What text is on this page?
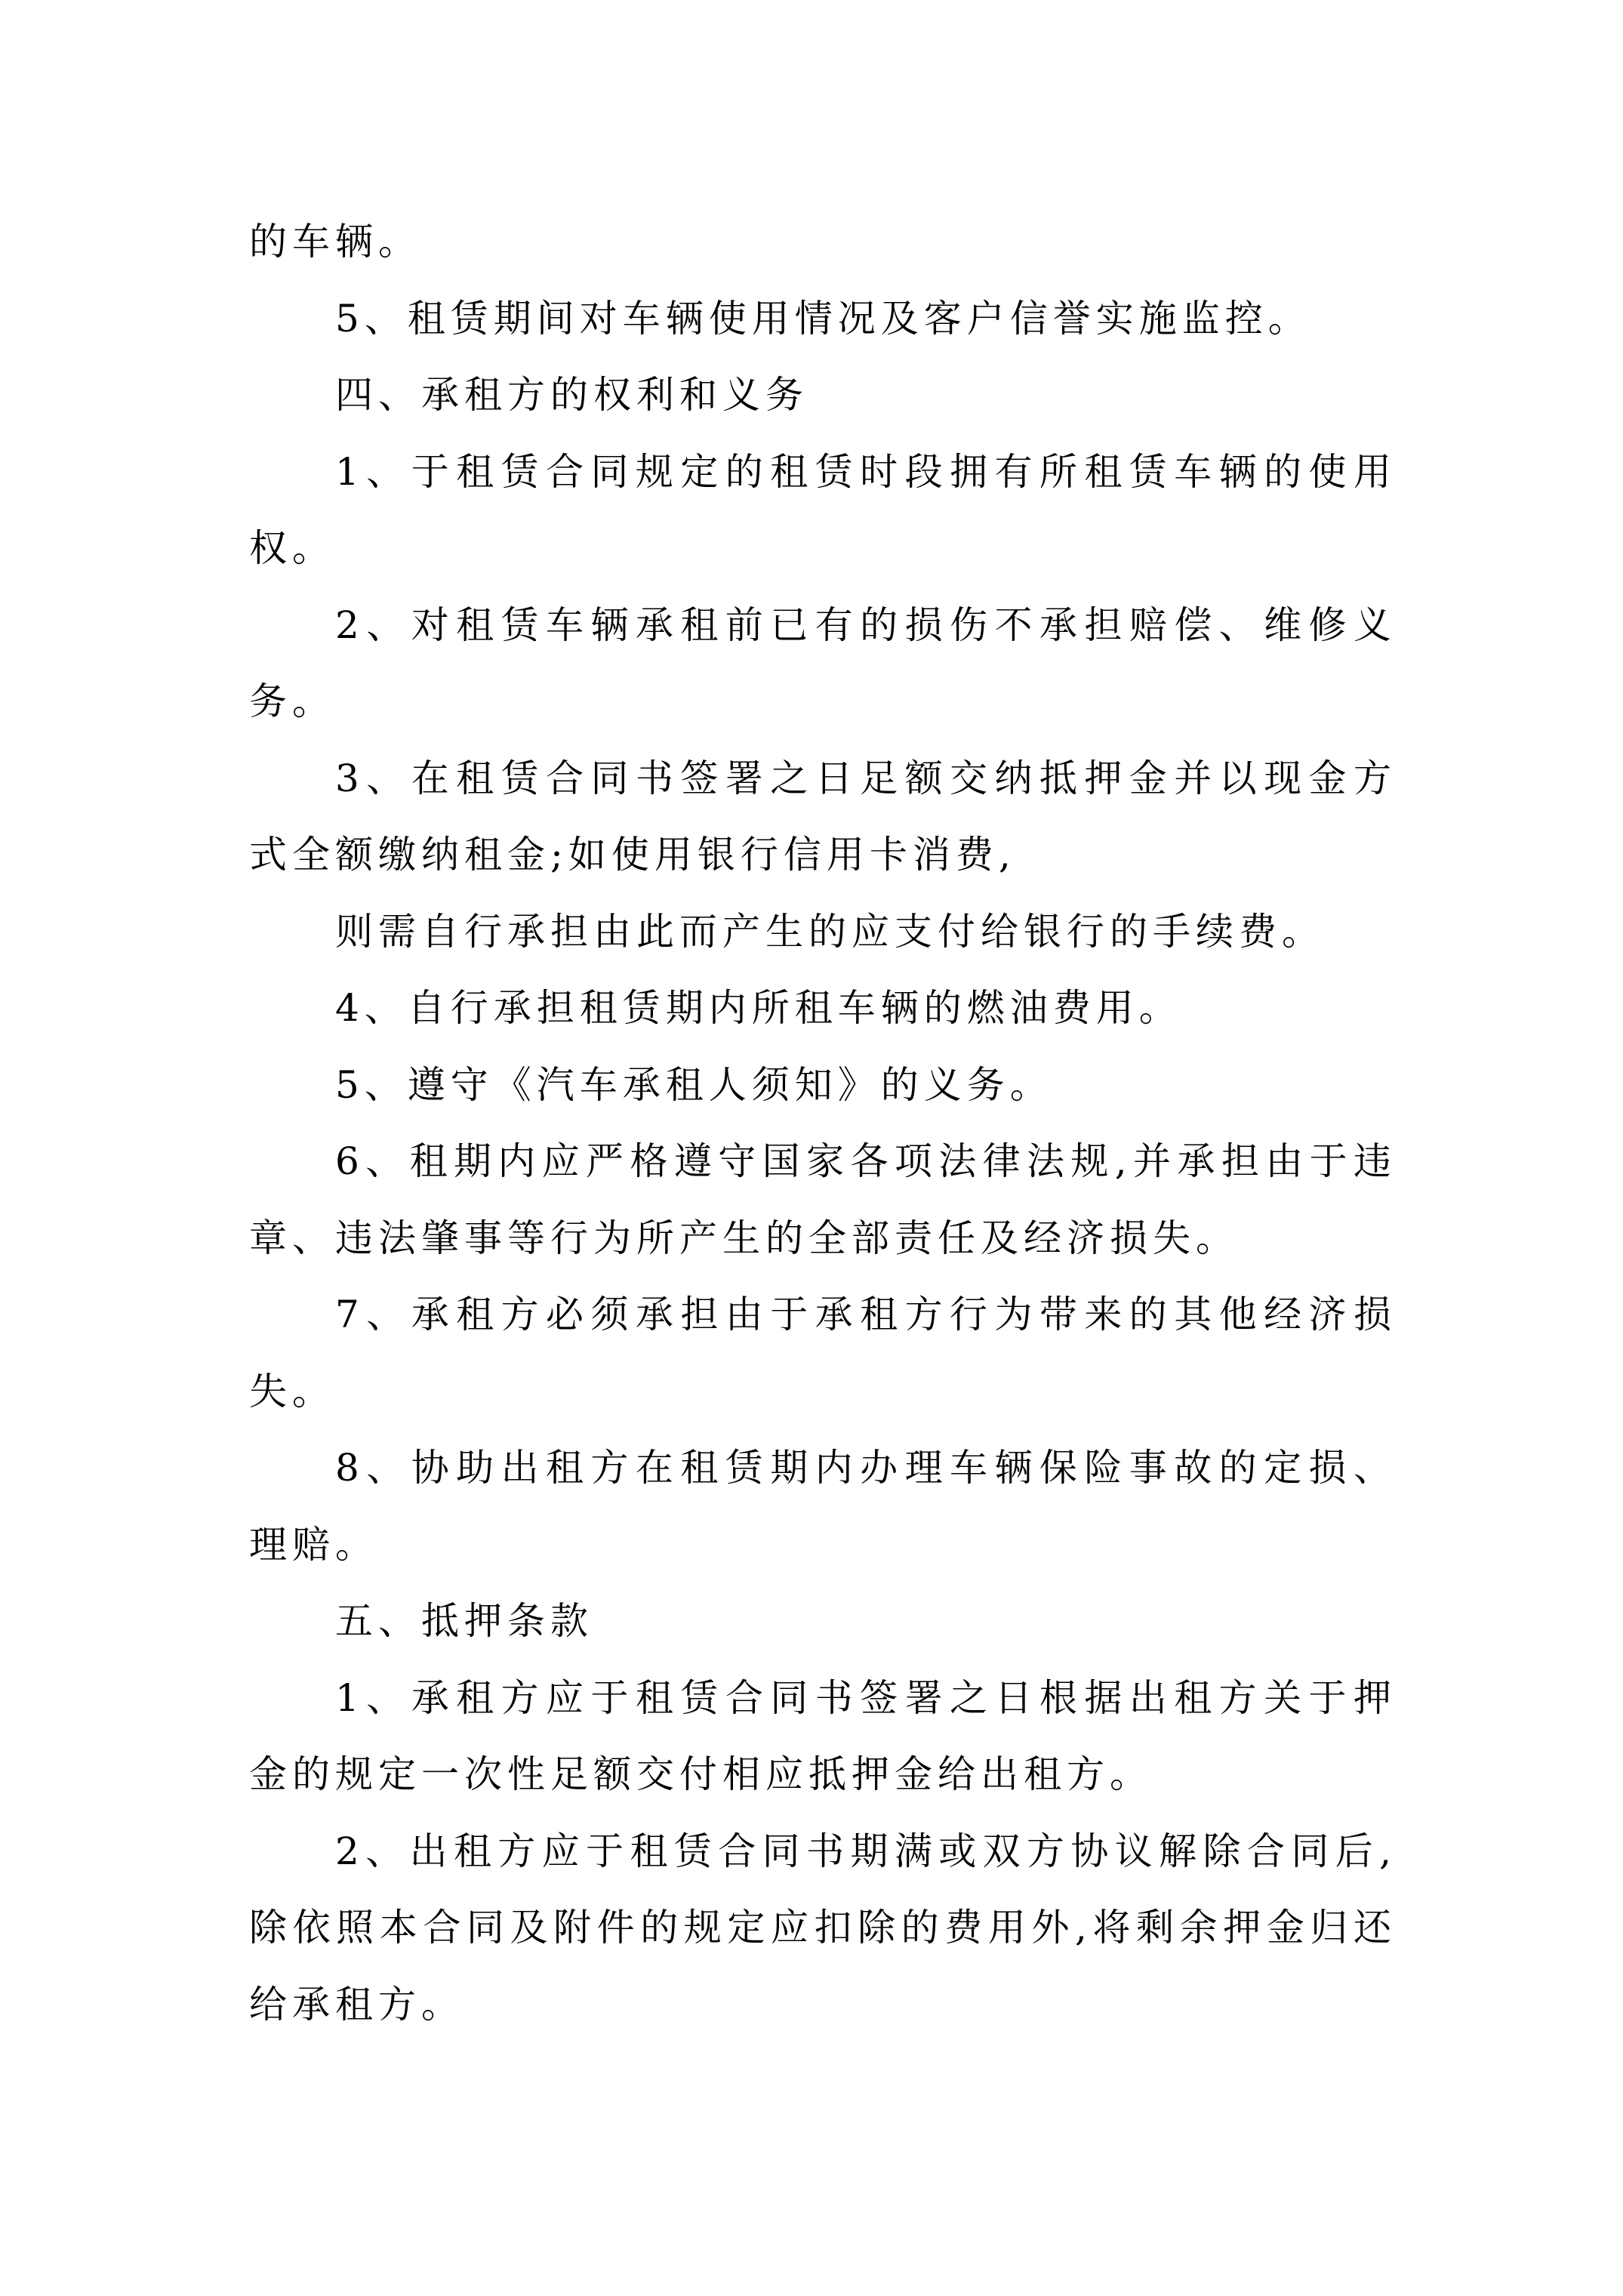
的车辆。

5、租赁期间对车辆使用情况及客户信誉实施监控。

四、承租方的权利和义务

1、于租赁合同规定的租赁时段拥有所租赁车辆的使用权。

2、对租赁车辆承租前已有的损伤不承担赔偿、维修义务。

3、在租赁合同书签署之日足额交纳抵押金并以现金方式全额缴纳租金;如使用银行信用卡消费,

则需自行承担由此而产生的应支付给银行的手续费。

4、自行承担租赁期内所租车辆的燃油费用。

5、遵守《汽车承租人须知》的义务。

6、租期内应严格遵守国家各项法律法规,并承担由于违章、违法肇事等行为所产生的全部责任及经济损失。

7、承租方必须承担由于承租方行为带来的其他经济损失。

8、协助出租方在租赁期内办理车辆保险事故的定损、理赔。

五、抵押条款

1、承租方应于租赁合同书签署之日根据出租方关于押金的规定一次性足额交付相应抵押金给出租方。

2、出租方应于租赁合同书期满或双方协议解除合同后,除依照本合同及附件的规定应扣除的费用外,将剩余押金归还给承租方。
